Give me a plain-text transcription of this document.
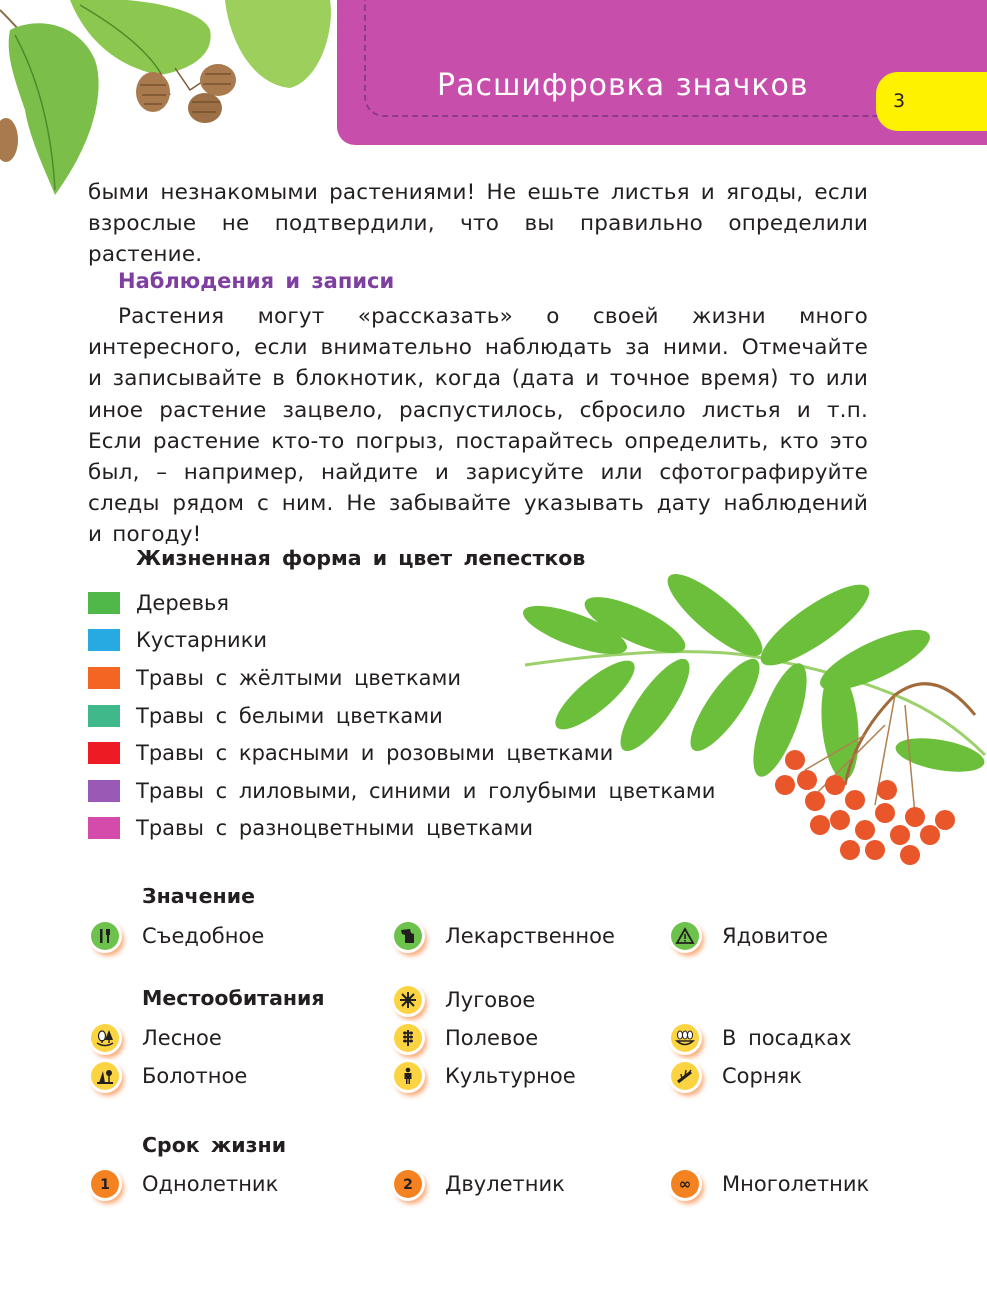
Расшифровка значков	3

быми незнакомыми растениями! Не ешьте листья и ягоды, если взрослые не подтвердили, что вы правильно определили растение.

Наблюдения и записи

Растения могут «рассказать» о своей жизни много интересного, если внимательно наблюдать за ними. Отмечайте и записывайте в блокнотик, когда (дата и точное время) то или иное растение зацвело, распустилось, сбросило листья и т.п. Если растение кто-то погрыз, постарайтесь определить, кто это был, – например, найдите и зарисуйте или сфотографируйте следы рядом с ним. Не забывайте указывать дату наблюдений и погоду!

Жизненная форма и цвет лепестков
Деревья
Кустарники
Травы с жёлтыми цветками
Травы с белыми цветками
Травы с красными и розовыми цветками
Травы с лиловыми, синими и голубыми цветками
Травы с разноцветными цветками
Значение
Съедобное	Лекарственное	Ядовитое
Местообитания	Луговое
Лесное	Полевое	В посадках
Болотное	Культурное	Сорняк
Срок жизни
1 Однолетник	2 Двулетник	∞ Многолетник
